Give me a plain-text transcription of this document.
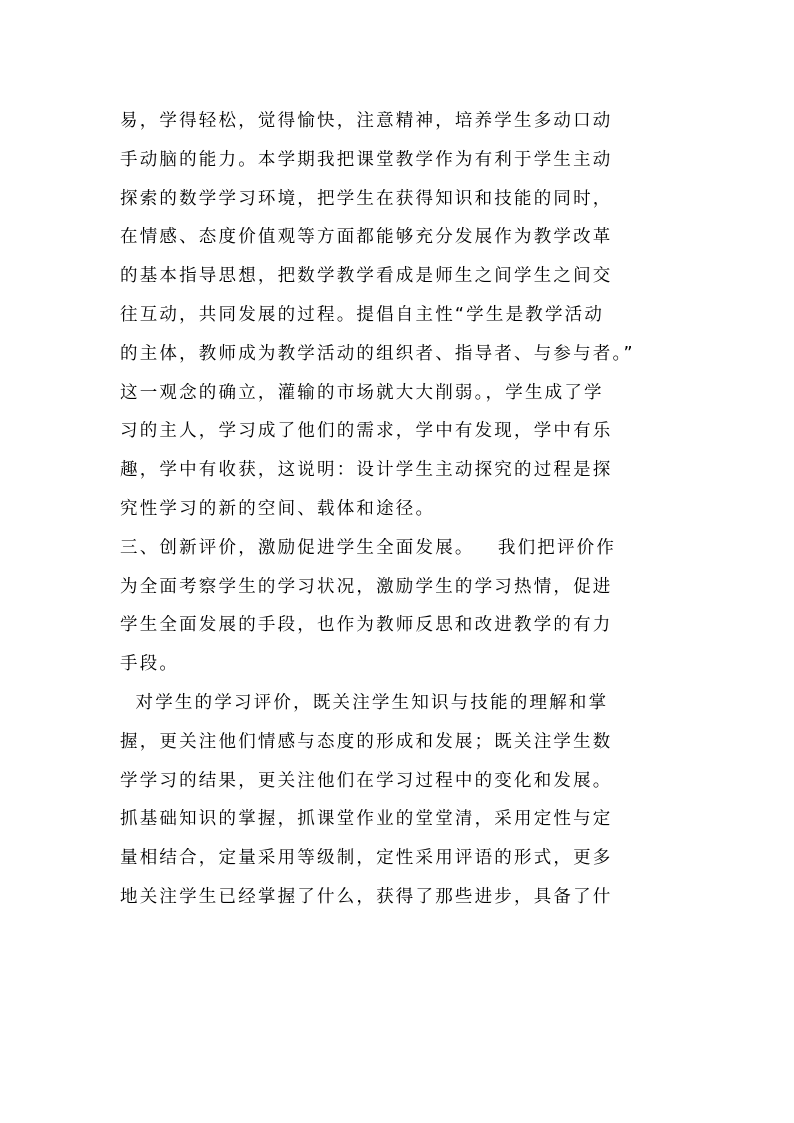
易，学得轻松，觉得愉快，注意精神，培养学生多动口动
手动脑的能力。本学期我把课堂教学作为有利于学生主动
探索的数学学习环境，把学生在获得知识和技能的同时，
在情感、态度价值观等方面都能够充分发展作为教学改革
的基本指导思想，把数学教学看成是师生之间学生之间交
往互动，共同发展的过程。提倡自主性“学生是教学活动
的主体，教师成为教学活动的组织者、指导者、与参与者。”
这一观念的确立，灌输的市场就大大削弱。，学生成了学
习的主人，学习成了他们的需求，学中有发现，学中有乐
趣，学中有收获，这说明：设计学生主动探究的过程是探
究性学习的新的空间、载体和途径。
三、创新评价，激励促进学生全面发展。   我们把评价作
为全面考察学生的学习状况，激励学生的学习热情，促进
学生全面发展的手段，也作为教师反思和改进教学的有力
手段。
对学生的学习评价，既关注学生知识与技能的理解和掌
握，更关注他们情感与态度的形成和发展；既关注学生数
学学习的结果，更关注他们在学习过程中的变化和发展。
抓基础知识的掌握，抓课堂作业的堂堂清，采用定性与定
量相结合，定量采用等级制，定性采用评语的形式，更多
地关注学生已经掌握了什么，获得了那些进步，具备了什
